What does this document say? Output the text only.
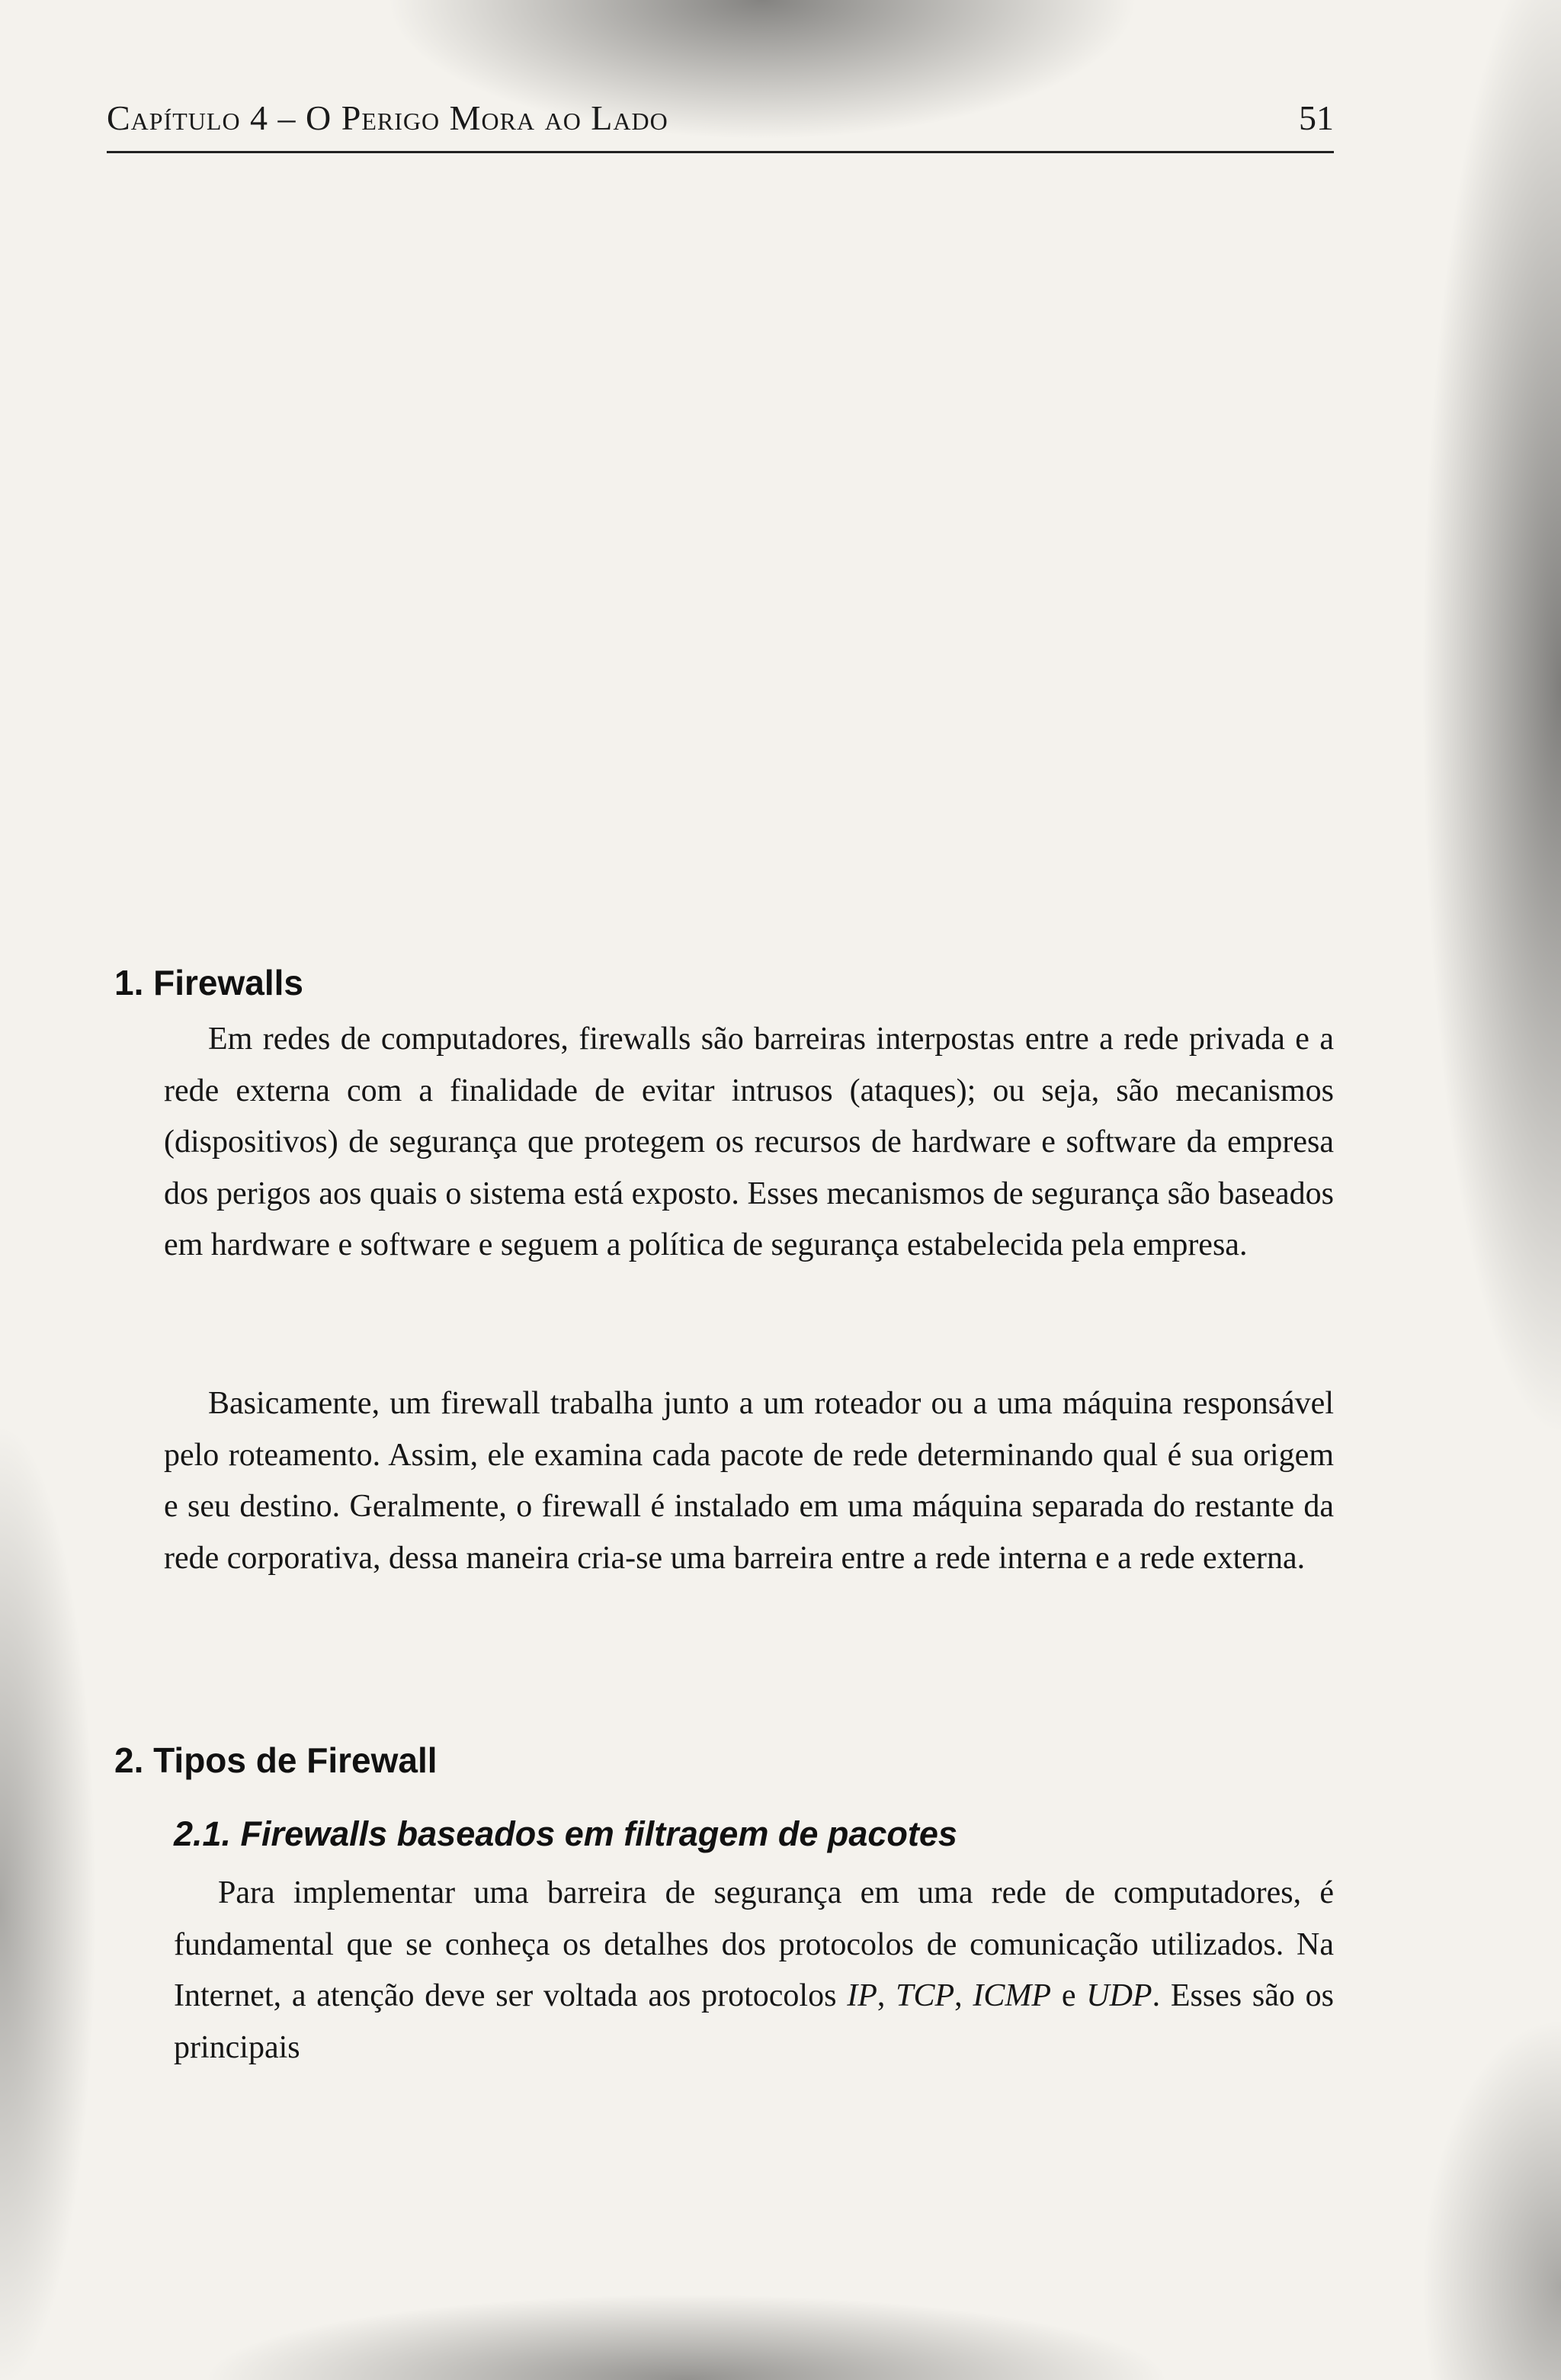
Capítulo 4 – O Perigo Mora ao Lado	51
1. Firewalls

Em redes de computadores, firewalls são barreiras interpostas entre a rede privada e a rede externa com a finalidade de evitar intrusos (ataques); ou seja, são mecanismos (dispositivos) de segurança que protegem os recursos de hardware e software da empresa dos perigos aos quais o sistema está exposto. Esses mecanismos de segurança são baseados em hardware e software e seguem a política de segurança estabelecida pela empresa.

Basicamente, um firewall trabalha junto a um roteador ou a uma máquina responsável pelo roteamento. Assim, ele examina cada pacote de rede determinando qual é sua origem e seu destino. Geralmente, o firewall é instalado em uma máquina separada do restante da rede corporativa, dessa maneira cria-se uma barreira entre a rede interna e a rede externa.

2. Tipos de Firewall
2.1. Firewalls baseados em filtragem de pacotes

Para implementar uma barreira de segurança em uma rede de computadores, é fundamental que se conheça os detalhes dos protocolos de comunicação utilizados. Na Internet, a atenção deve ser voltada aos protocolos IP, TCP, ICMP e UDP. Esses são os principais
